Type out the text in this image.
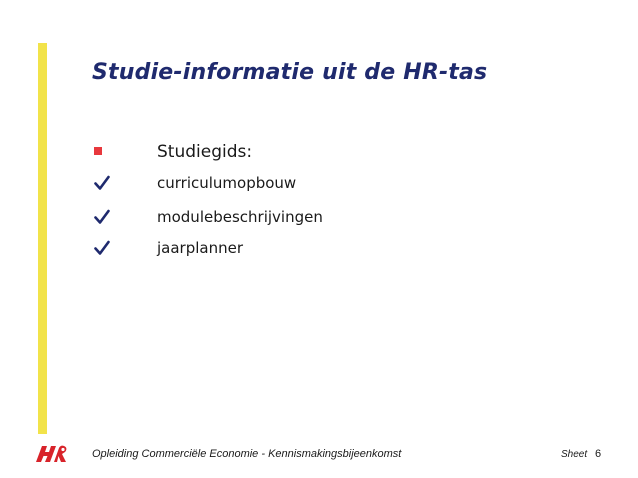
Studie-informatie uit de HR-tas
Studiegids:
curriculumopbouw
modulebeschrijvingen
jaarplanner
Opleiding Commerciële Economie - Kennismakingsbijeenkomst	Sheet 6
